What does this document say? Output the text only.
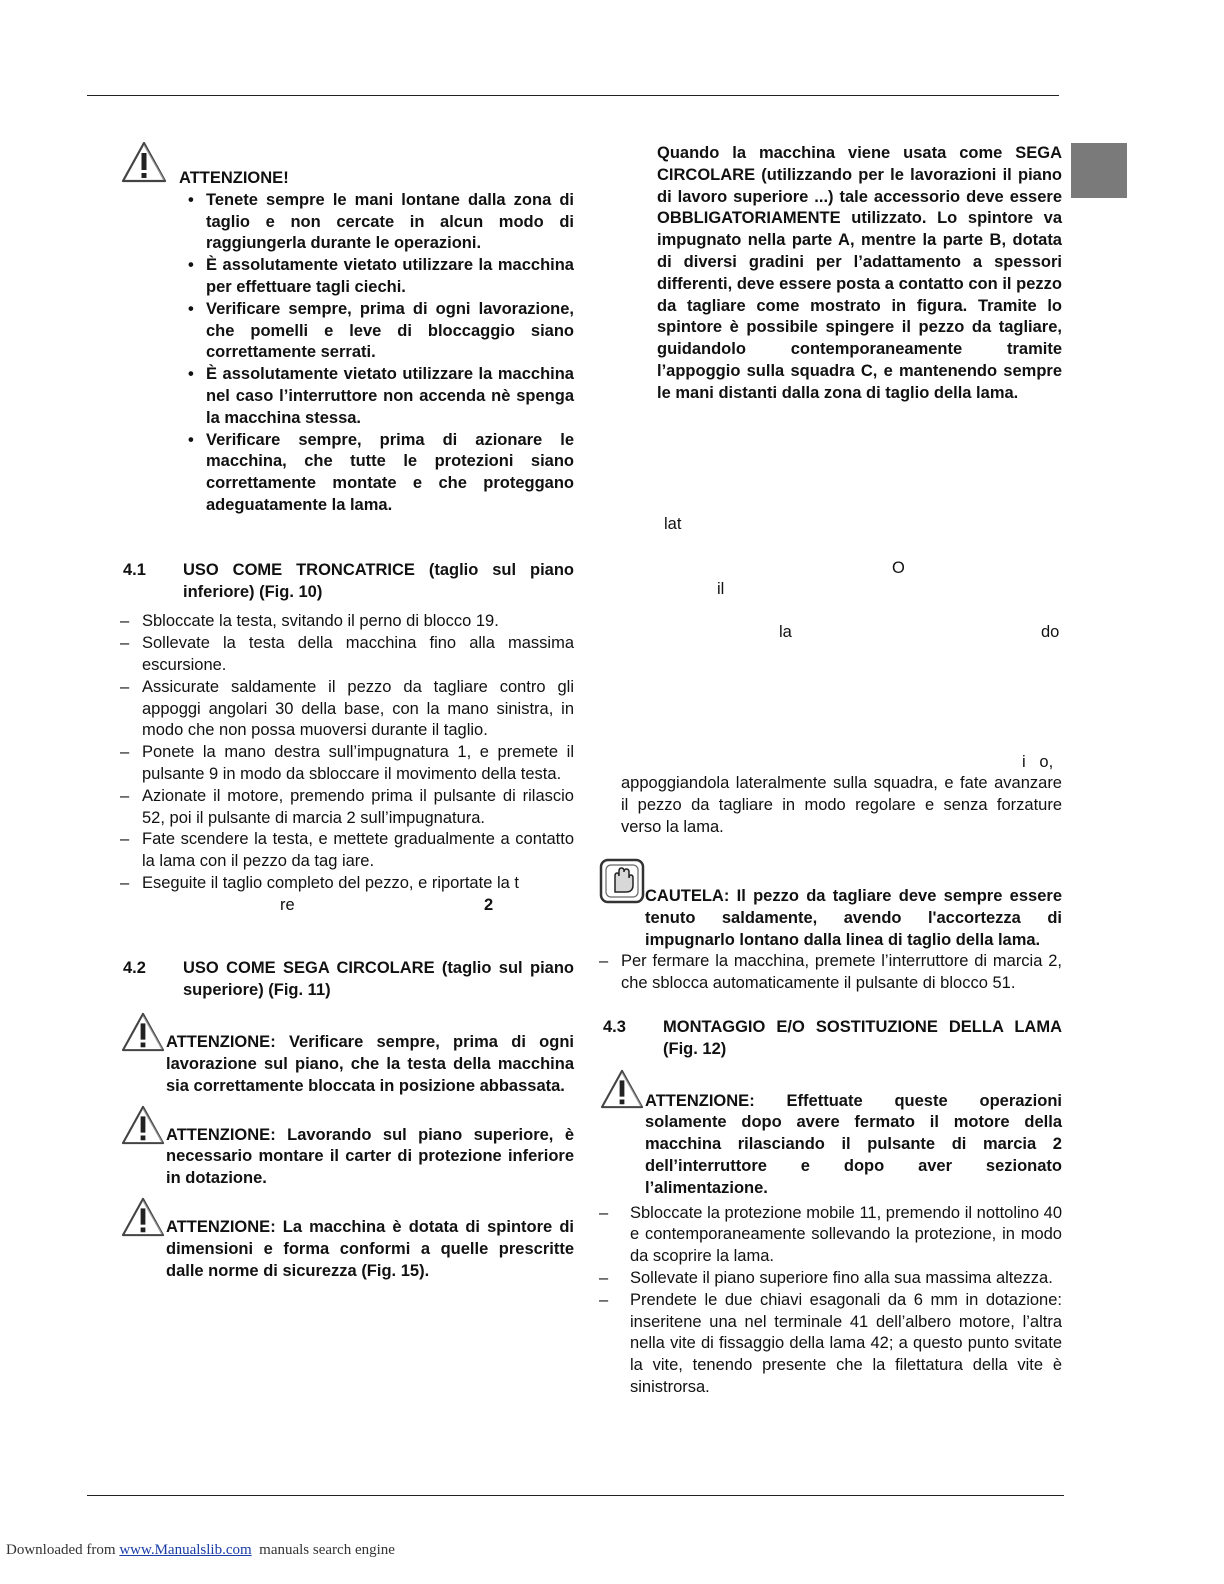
ATTENZIONE!

• Tenete sempre le mani lontane dalla zona di taglio e non cercate in alcun modo di raggiungerla durante le operazioni.
• È assolutamente vietato utilizzare la macchina per effettuare tagli ciechi.
• Verificare sempre, prima di ogni lavorazione, che pomelli e leve di bloccaggio siano correttamente serrati.
• È assolutamente vietato utilizzare la macchina nel caso l’interruttore non accenda nè spenga la macchina stessa.
• Verificare sempre, prima di azionare le macchina, che tutte le protezioni siano correttamente montate e che proteggano adeguatamente la lama.
4.1	USO COME TRONCATRICE (taglio sul piano inferiore) (Fig. 10)
– Sbloccate la testa, svitando il perno di blocco 19.
– Sollevate la testa della macchina fino alla massima escursione.
– Assicurate saldamente il pezzo da tagliare contro gli appoggi angolari 30 della base, con la mano sinistra, in modo che non possa muoversi durante il taglio.
– Ponete la mano destra sull’impugnatura 1, e premete il pulsante 9 in modo da sbloccare il movimento della testa.
– Azionate il motore, premendo prima il pulsante di rilascio 52, poi il pulsante di marcia 2 sull’impugnatura.
– Fate scendere la testa, e mettete gradualmente a contatto la lama con il pezzo da tag iare.
– Eseguite il taglio completo del pezzo, e riportate la t
re	2
4.2	USO COME SEGA CIRCOLARE (taglio sul piano superiore) (Fig. 11)

ATTENZIONE: Verificare sempre, prima di ogni lavorazione sul piano, che la testa della macchina sia correttamente bloccata in posizione abbassata.

ATTENZIONE: Lavorando sul piano superiore, è necessario montare il carter di protezione inferiore in dotazione.

ATTENZIONE: La macchina è dotata di spintore di dimensioni e forma conformi a quelle prescritte dalle norme di sicurezza (Fig. 15).

Quando la macchina viene usata come SEGA CIRCOLARE (utilizzando per le lavorazioni il piano di lavoro superiore ...) tale accessorio deve essere OBBLIGATORIAMENTE utilizzato. Lo spintore va impugnato nella parte A, mentre la parte B, dotata di diversi gradini per l’adattamento a spessori differenti, deve essere posta a contatto con il pezzo da tagliare come mostrato in figura. Tramite lo spintore è possibile spingere il pezzo da tagliare, guidandolo contemporaneamente tramite l’appoggio sulla squadra C, e mantenendo sempre le mani distanti dalla zona di taglio della lama.

lat
O
il
la	do
i   o,

appoggiandola lateralmente sulla squadra, e fate avanzare il pezzo da tagliare in modo regolare e senza forzature verso la lama.

CAUTELA: Il pezzo da tagliare deve sempre essere tenuto saldamente, avendo l'accortezza di impugnarlo lontano dalla linea di taglio della lama.

– Per fermare la macchina, premete l’interruttore di marcia 2, che sblocca automaticamente il pulsante di blocco 51.
4.3	MONTAGGIO E/O SOSTITUZIONE DELLA LAMA (Fig. 12)

ATTENZIONE: Effettuate queste operazioni solamente dopo avere fermato il motore della macchina rilasciando il pulsante di marcia 2 dell’interruttore e dopo aver sezionato l’alimentazione.

– Sbloccate la protezione mobile 11, premendo il nottolino 40 e contemporaneamente sollevando la protezione, in modo da scoprire la lama.
– Sollevate il piano superiore fino alla sua massima altezza.
– Prendete le due chiavi esagonali da 6 mm in dotazione: inseritene una nel terminale 41 dell’albero motore, l’altra nella vite di fissaggio della lama 42; a questo punto svitate la vite, tenendo presente che la filettatura della vite è sinistrorsa.
Downloaded from www.Manualslib.com  manuals search engine
